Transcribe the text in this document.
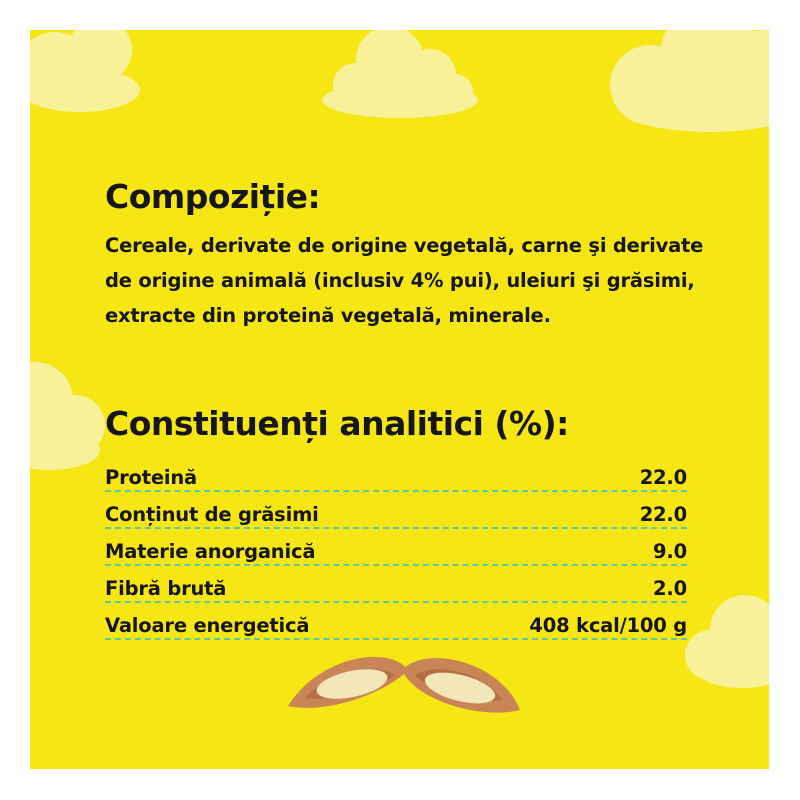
Compoziție:

Cereale, derivate de origine vegetală, carne şi derivate de origine animală (inclusiv 4% pui), uleiuri şi grăsimi, extracte din proteină vegetală, minerale.

Constituenți analitici (%):
Proteină	22.0
Conținut de grăsimi	22.0
Materie anorganică	9.0
Fibră brută	2.0
Valoare energetică	408 kcal/100 g
